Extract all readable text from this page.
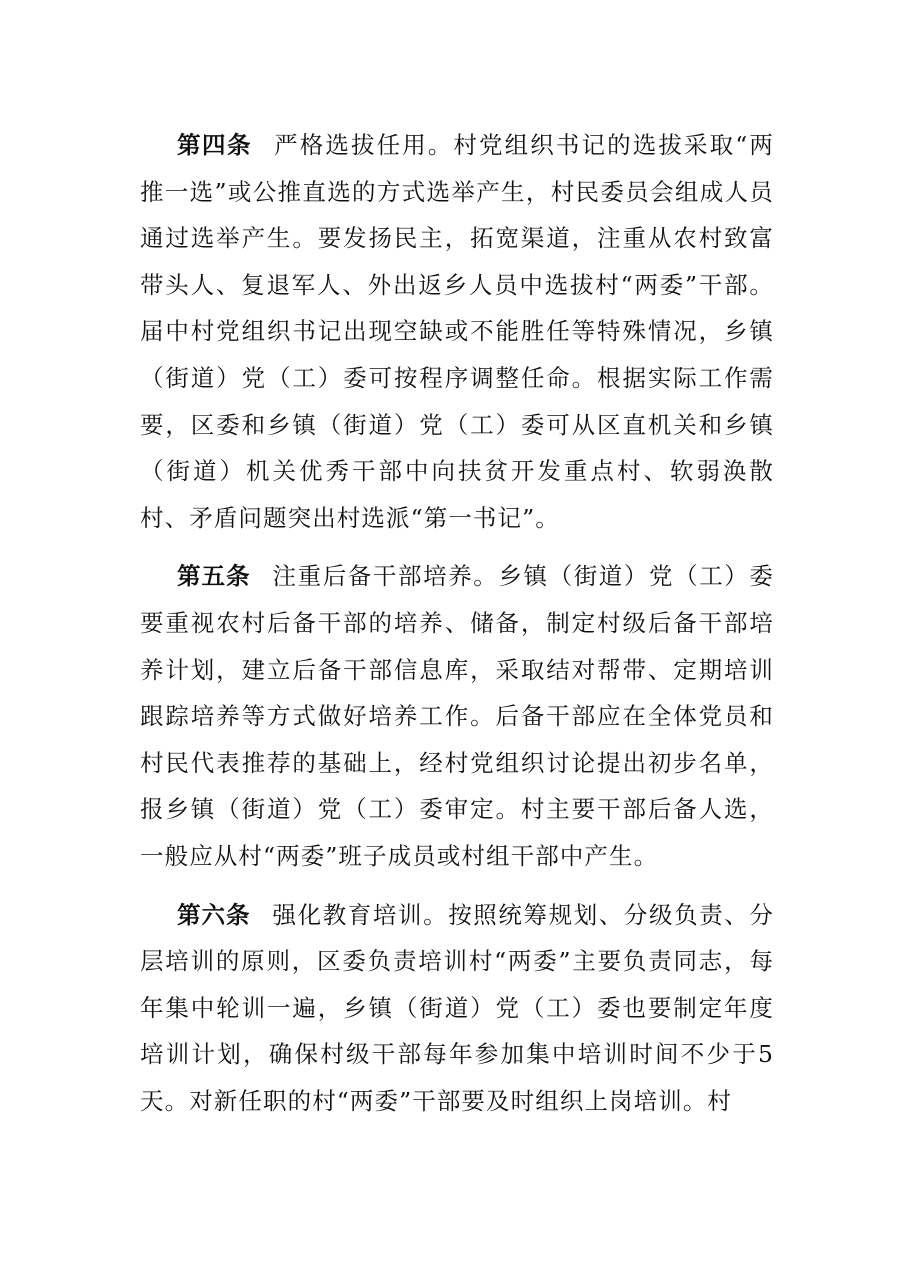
第四条 严格选拔任用。村党组织书记的选拔采取“两推一选”或公推直选的方式选举产生，村民委员会组成人员通过选举产生。要发扬民主，拓宽渠道，注重从农村致富带头人、复退军人、外出返乡人员中选拔村“两委”干部。届中村党组织书记出现空缺或不能胜任等特殊情况，乡镇（街道）党（工）委可按程序调整任命。根据实际工作需要，区委和乡镇（街道）党（工）委可从区直机关和乡镇（街道）机关优秀干部中向扶贫开发重点村、软弱涣散村、矛盾问题突出村选派“第一书记”。

第五条 注重后备干部培养。乡镇（街道）党（工）委要重视农村后备干部的培养、储备，制定村级后备干部培养计划，建立后备干部信息库，采取结对帮带、定期培训跟踪培养等方式做好培养工作。后备干部应在全体党员和村民代表推荐的基础上，经村党组织讨论提出初步名单，报乡镇（街道）党（工）委审定。村主要干部后备人选，一般应从村“两委”班子成员或村组干部中产生。

第六条 强化教育培训。按照统筹规划、分级负责、分层培训的原则，区委负责培训村“两委”主要负责同志，每年集中轮训一遍，乡镇（街道）党（工）委也要制定年度培训计划，确保村级干部每年参加集中培训时间不少于5天。对新任职的村“两委”干部要及时组织上岗培训。村
